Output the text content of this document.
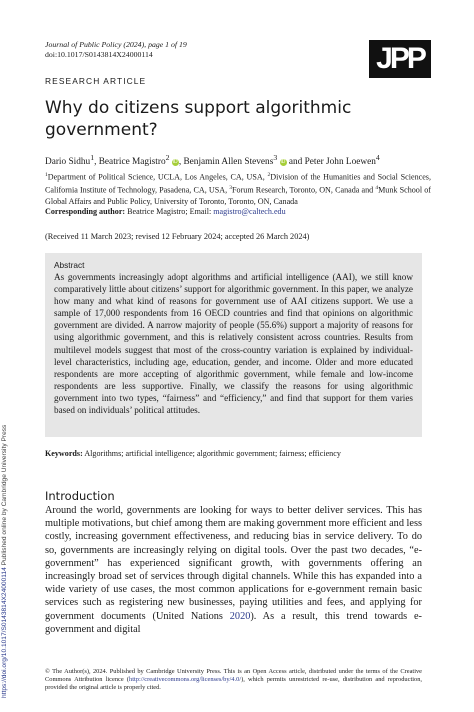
https://doi.org/10.1017/S0143814X24000114 Published online by Cambridge University Press
Journal of Public Policy (2024), page 1 of 19
doi:10.1017/S0143814X24000114	JPP
RESEARCH ARTICLE
Why do citizens support algorithmic government?
Dario Sidhu$^1$, Beatrice Magistro$^2$ iD, Benjamin Allen Stevens$^3$ iD and Peter John Loewen$^4$
$^1$Department of Political Science, UCLA, Los Angeles, CA, USA, $^2$Division of the Humanities and Social Sciences, California Institute of Technology, Pasadena, CA, USA, $^3$Forum Research, Toronto, ON, Canada and $^4$Munk School of Global Affairs and Public Policy, University of Toronto, Toronto, ON, Canada
Corresponding author: Beatrice Magistro; Email: magistro@caltech.edu
(Received 11 March 2023; revised 12 February 2024; accepted 26 March 2024)
Abstract
As governments increasingly adopt algorithms and artificial intelligence (AAI), we still know comparatively little about citizens’ support for algorithmic government. In this paper, we analyze how many and what kind of reasons for government use of AAI citizens support. We use a sample of 17,000 respondents from 16 OECD countries and find that opinions on algorithmic government are divided. A narrow majority of people (55.6%) support a majority of reasons for using algorithmic government, and this is relatively consistent across countries. Results from multilevel models suggest that most of the cross-country variation is explained by individual-level characteristics, including age, education, gender, and income. Older and more educated respondents are more accepting of algorithmic government, while female and low-income respondents are less supportive. Finally, we classify the reasons for using algorithmic government into two types, “fairness” and “efficiency,” and find that support for them varies based on individuals’ political attitudes.
Keywords: Algorithms; artificial intelligence; algorithmic government; fairness; efficiency
Introduction
Around the world, governments are looking for ways to better deliver services. This has multiple motivations, but chief among them are making government more efficient and less costly, increasing government effectiveness, and reducing bias in service delivery. To do so, governments are increasingly relying on digital tools. Over the past two decades, “e-government” has experienced significant growth, with governments offering an increasingly broad set of services through digital channels. While this has expanded into a wide variety of use cases, the most common applications for e-government remain basic services such as registering new businesses, paying utilities and fees, and applying for government documents (United Nations 2020). As a result, this trend towards e-government and digital
© The Author(s), 2024. Published by Cambridge University Press. This is an Open Access article, distributed under the terms of the Creative Commons Attribution licence (http://creativecommons.org/licenses/by/4.0/), which permits unrestricted re-use, distribution and reproduction, provided the original article is properly cited.
